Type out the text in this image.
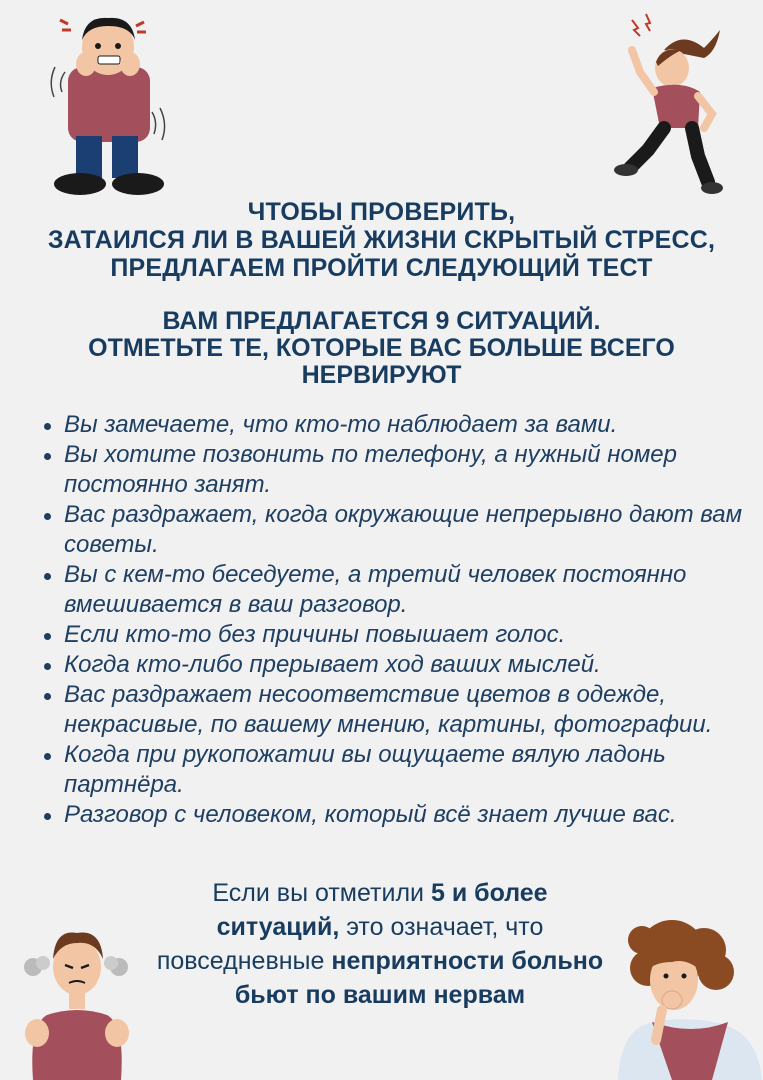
ЧТОБЫ ПРОВЕРИТЬ,
ЗАТАИЛСЯ ЛИ В ВАШЕЙ ЖИЗНИ СКРЫТЫЙ СТРЕСС,
ПРЕДЛАГАЕМ ПРОЙТИ СЛЕДУЮЩИЙ ТЕСТ
ВАМ ПРЕДЛАГАЕТСЯ 9 СИТУАЦИЙ.
ОТМЕТЬТЕ ТЕ, КОТОРЫЕ ВАС БОЛЬШЕ ВСЕГО
НЕРВИРУЮТ
Вы замечаете, что кто-то наблюдает за вами.
Вы хотите позвонить по телефону, а нужный номер постоянно занят.
Вас раздражает, когда окружающие непрерывно дают вам советы.
Вы с кем-то беседуете, а третий человек постоянно вмешивается в ваш разговор.
Если кто-то без причины повышает голос.
Когда кто-либо прерывает ход ваших мыслей.
Вас раздражает несоответствие цветов в одежде, некрасивые, по вашему мнению, картины, фотографии.
Когда при рукопожатии вы ощущаете вялую ладонь партнёра.
Разговор с человеком, который всё знает лучше вас.
Если вы отметили 5 и более ситуаций, это означает, что повседневные неприятности больно бьют по вашим нервам
